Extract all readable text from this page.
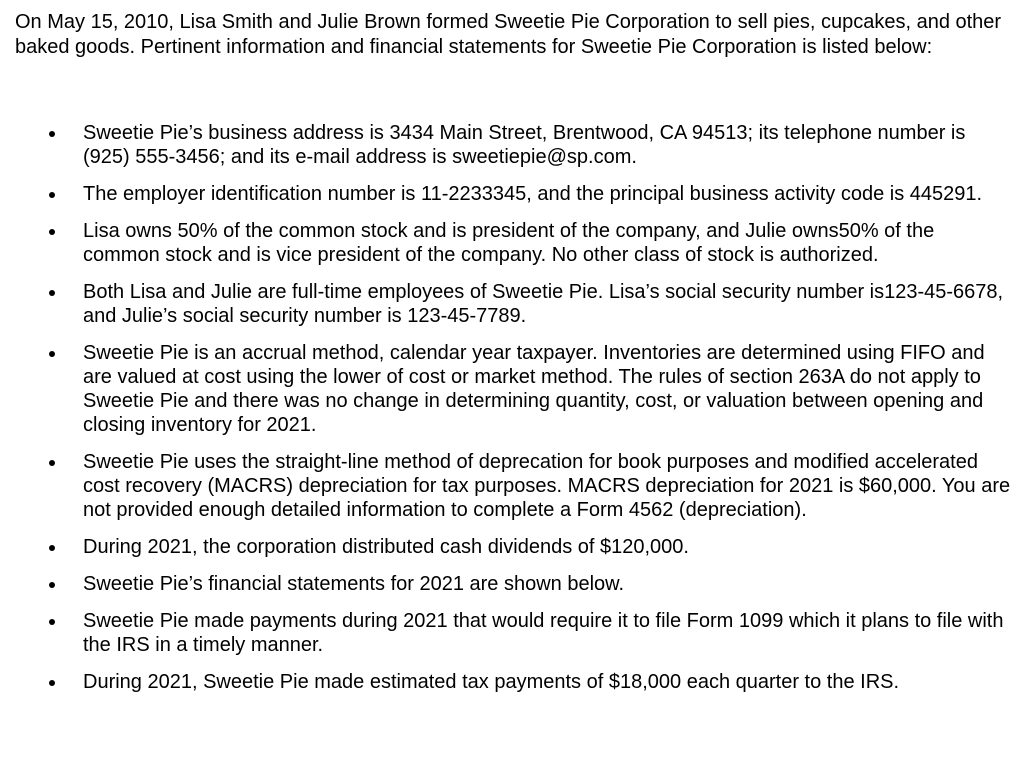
On May 15, 2010, Lisa Smith and Julie Brown formed Sweetie Pie Corporation to sell pies, cupcakes, and other baked goods. Pertinent information and financial statements for Sweetie Pie Corporation is listed below:

Sweetie Pie’s business address is 3434 Main Street, Brentwood, CA 94513; its telephone number is (925) 555-3456; and its e-mail address is sweetiepie@sp.com.
The employer identification number is 11-2233345, and the principal business activity code is 445291.
Lisa owns 50% of the common stock and is president of the company, and Julie owns50% of the common stock and is vice president of the company. No other class of stock is authorized.
Both Lisa and Julie are full-time employees of Sweetie Pie. Lisa’s social security number is123-45-6678, and Julie’s social security number is 123-45-7789.
Sweetie Pie is an accrual method, calendar year taxpayer. Inventories are determined using FIFO and are valued at cost using the lower of cost or market method. The rules of section 263A do not apply to Sweetie Pie and there was no change in determining quantity, cost, or valuation between opening and closing inventory for 2021.
Sweetie Pie uses the straight-line method of deprecation for book purposes and modified accelerated cost recovery (MACRS) depreciation for tax purposes. MACRS depreciation for 2021 is $60,000. You are not provided enough detailed information to complete a Form 4562 (depreciation).
During 2021, the corporation distributed cash dividends of $120,000.
Sweetie Pie’s financial statements for 2021 are shown below.
Sweetie Pie made payments during 2021 that would require it to file Form 1099 which it plans to file with the IRS in a timely manner.
During 2021, Sweetie Pie made estimated tax payments of $18,000 each quarter to the IRS.
